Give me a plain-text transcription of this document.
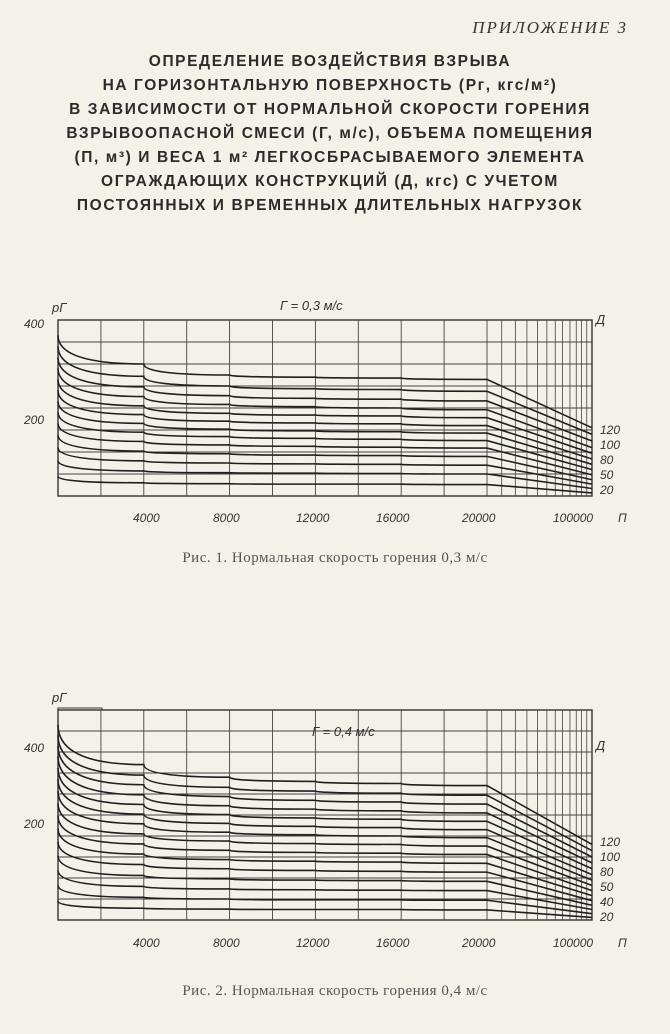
ПРИЛОЖЕНИЕ 3
ОПРЕДЕЛЕНИЕ ВОЗДЕЙСТВИЯ ВЗРЫВА
НА ГОРИЗОНТАЛЬНУЮ ПОВЕРХНОСТЬ (Pᴦ, кгс/м²)
В ЗАВИСИМОСТИ ОТ НОРМАЛЬНОЙ СКОРОСТИ ГОРЕНИЯ
ВЗРЫВООПАСНОЙ СМЕСИ (Г, м/с), ОБЪЕМА ПОМЕЩЕНИЯ
(П, м³) И ВЕСА 1 м² ЛЕГКОСБРАСЫВАЕМОГО ЭЛЕМЕНТА
ОГРАЖДАЮЩИХ КОНСТРУКЦИЙ (Д, кгс) С УЧЕТОМ
ПОСТОЯННЫХ И ВРЕМЕННЫХ ДЛИТЕЛЬНЫХ НАГРУЗОК
Г = 0,3 м/с
pГ
400
200
Д
120
100
80
50
20
4000	8000	12000	16000	20000	100000 П
Рис. 1. Нормальная скорость горения 0,3 м/с
Г = 0,4 м/с
pГ
400
200
Д
120
100
80
50
40
20
4000	8000	12000	16000	20000	100000 П
Рис. 2. Нормальная скорость горения 0,4 м/с
